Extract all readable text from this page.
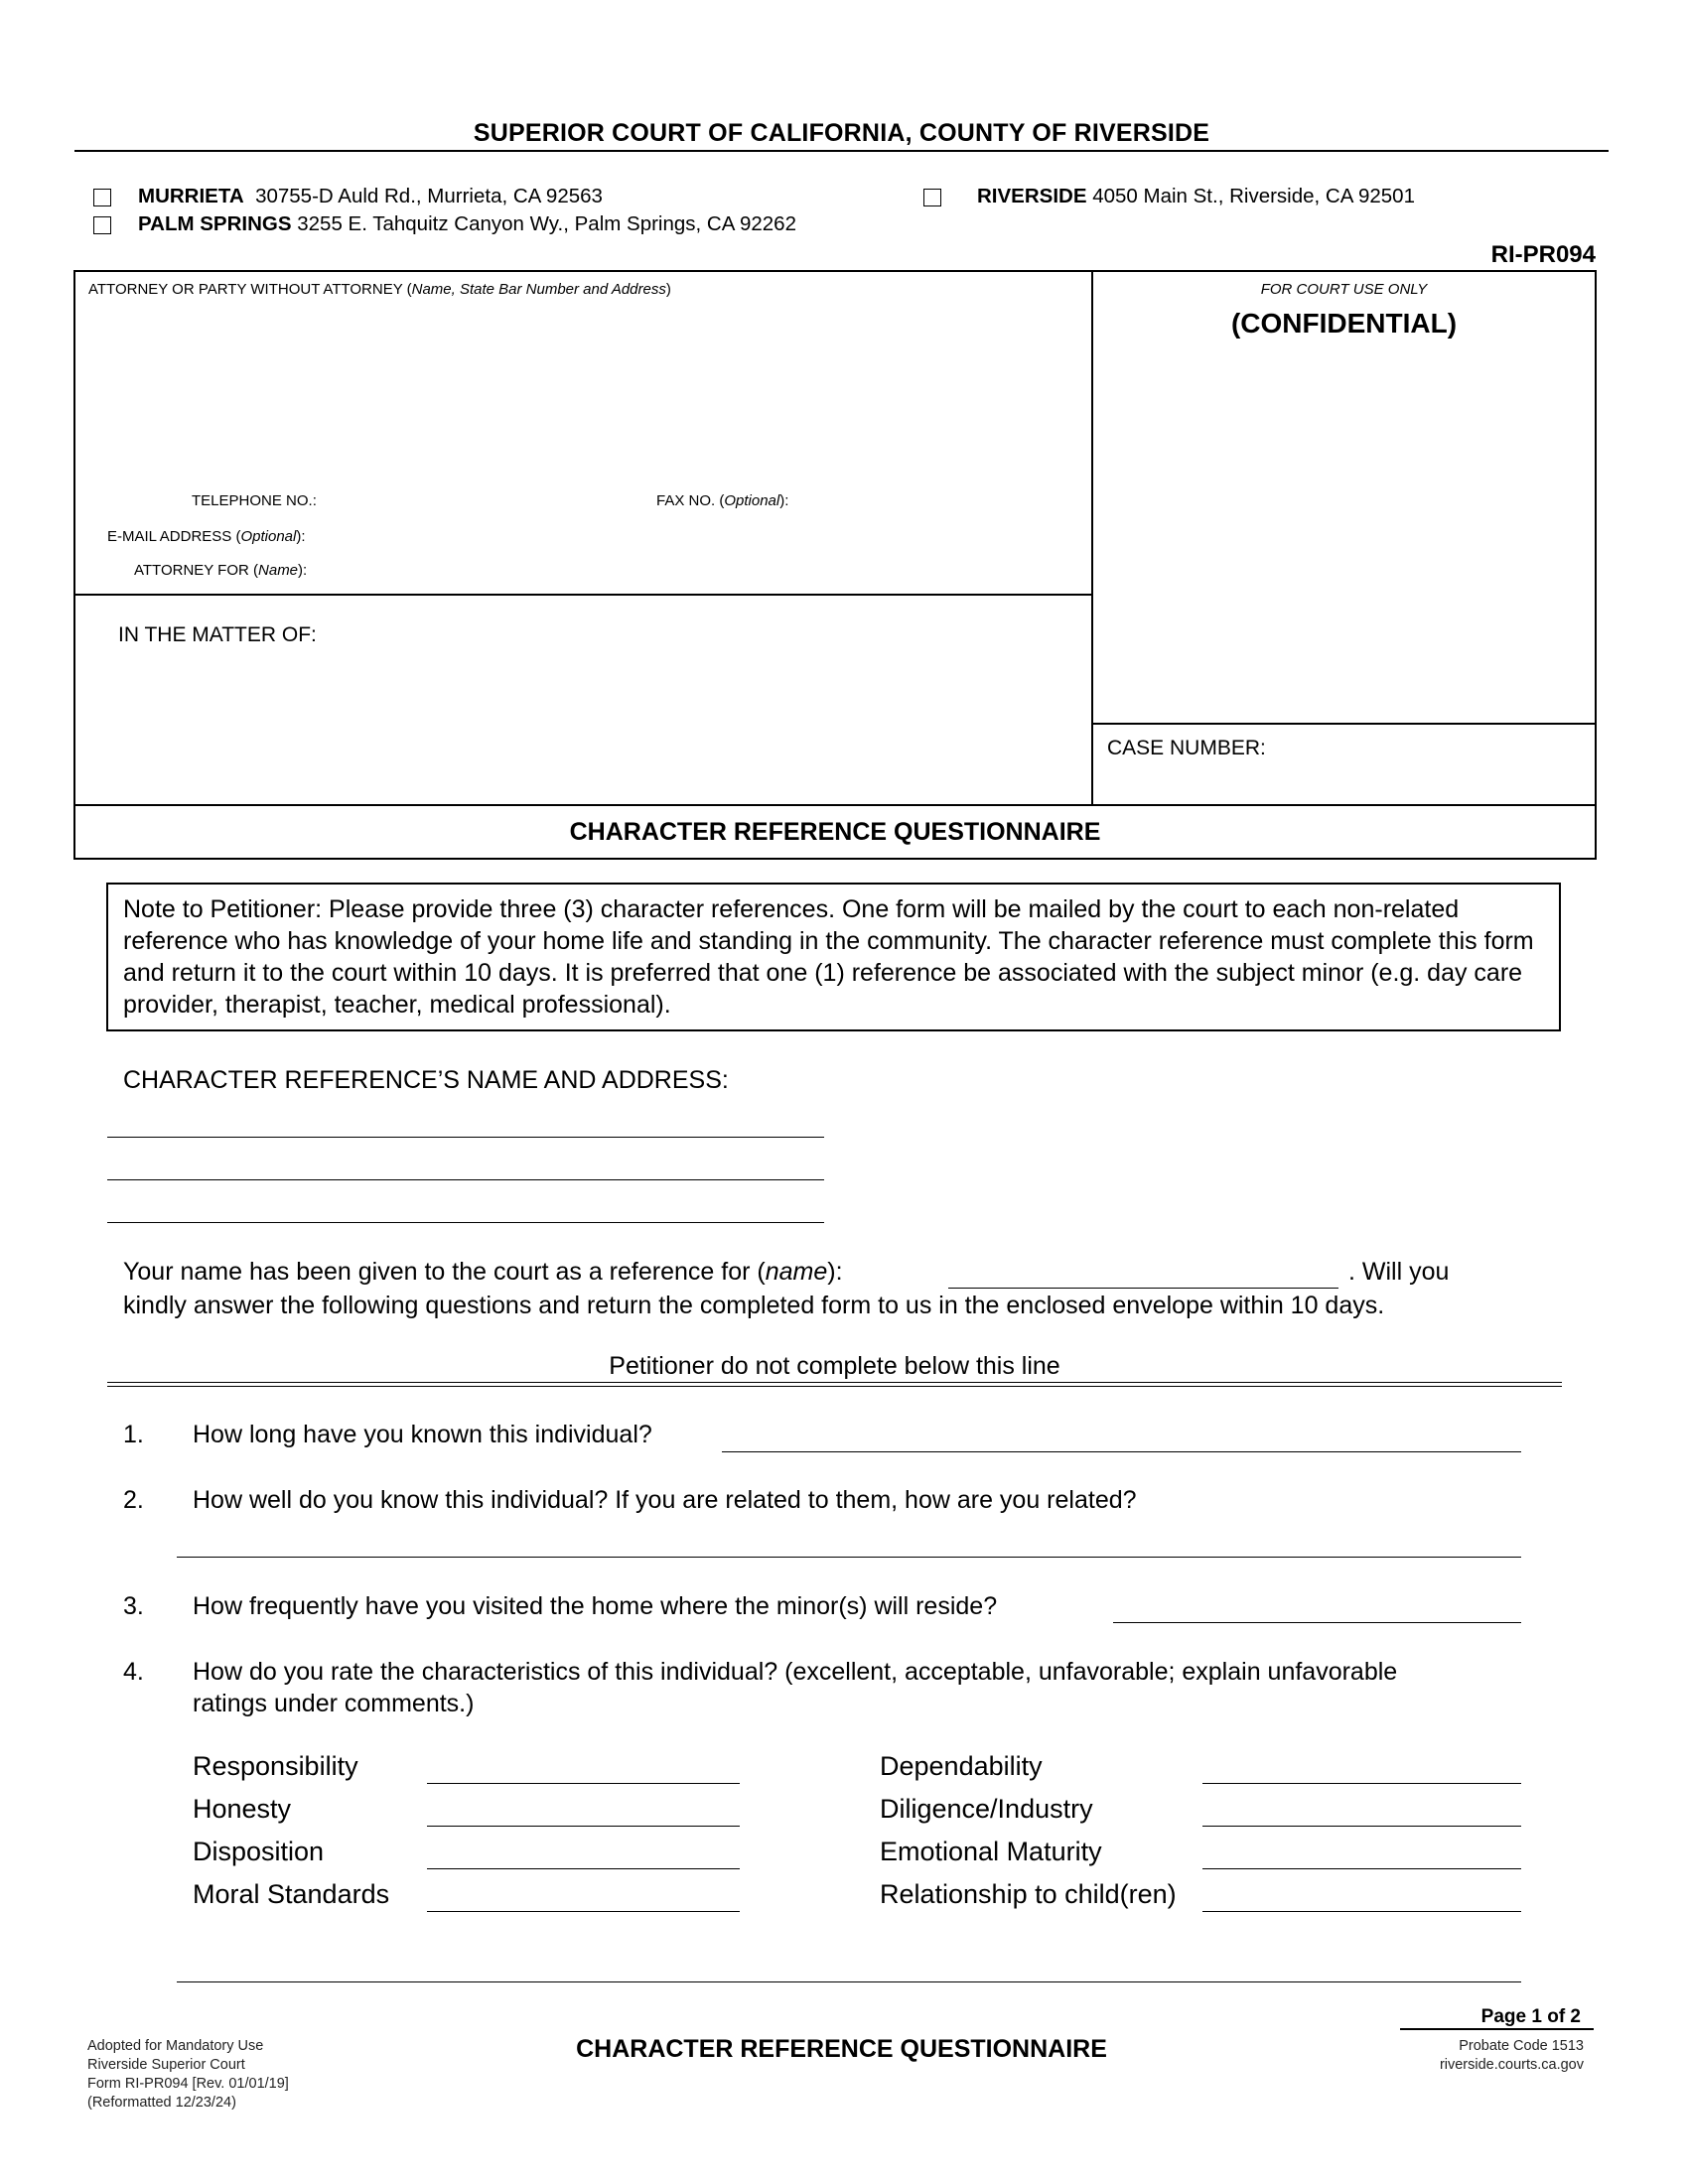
SUPERIOR COURT OF CALIFORNIA, COUNTY OF RIVERSIDE
MURRIETA 30755-D Auld Rd., Murrieta, CA 92563
PALM SPRINGS 3255 E. Tahquitz Canyon Wy., Palm Springs, CA 92262
RIVERSIDE 4050 Main St., Riverside, CA 92501
RI-PR094
ATTORNEY OR PARTY WITHOUT ATTORNEY (Name, State Bar Number and Address)
TELEPHONE NO.:	FAX NO. (Optional):
E-MAIL ADDRESS (Optional):
ATTORNEY FOR (Name):
IN THE MATTER OF:
FOR COURT USE ONLY
(CONFIDENTIAL)
CASE NUMBER:
CHARACTER REFERENCE QUESTIONNAIRE
Note to Petitioner: Please provide three (3) character references. One form will be mailed by the court to each non-related reference who has knowledge of your home life and standing in the community. The character reference must complete this form and return it to the court within 10 days. It is preferred that one (1) reference be associated with the subject minor (e.g. day care provider, therapist, teacher, medical professional).
CHARACTER REFERENCE’S NAME AND ADDRESS:
Your name has been given to the court as a reference for (name):	. Will you
kindly answer the following questions and return the completed form to us in the enclosed envelope within 10 days.
Petitioner do not complete below this line
1. How long have you known this individual?
2. How well do you know this individual? If you are related to them, how are you related?
3. How frequently have you visited the home where the minor(s) will reside?
4. How do you rate the characteristics of this individual? (excellent, acceptable, unfavorable; explain unfavorable
ratings under comments.)
Responsibility
Honesty
Disposition
Moral Standards
Dependability
Diligence/Industry
Emotional Maturity
Relationship to child(ren)
Page 1 of 2
CHARACTER REFERENCE QUESTIONNAIRE
Adopted for Mandatory Use
Riverside Superior Court
Form RI-PR094 [Rev. 01/01/19]
(Reformatted 12/23/24)
Probate Code 1513
riverside.courts.ca.gov
